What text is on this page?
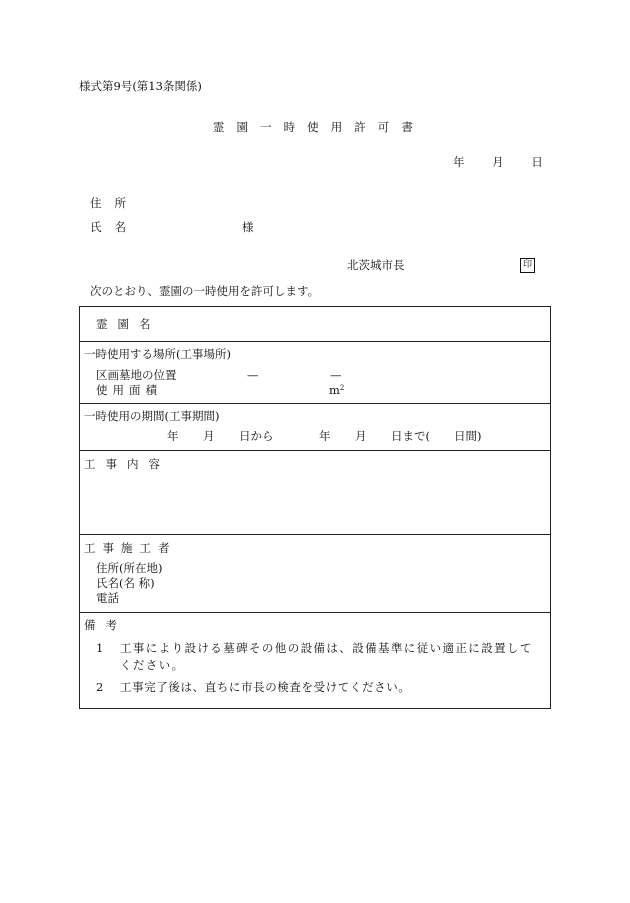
様式第9号(第13条関係)
霊 園 一 時 使 用 許 可 書
年 月 日
住所
氏名	様
北茨城市長	印
次のとおり、霊園の一時使用を許可します。
霊園名
一時使用する場所(工事場所)
区画墓地の位置	—	—
使用面積	$m^2$
一時使用の期間(工事期間)
年 月 日から	年 月 日まで( 日間)
工事内容
工事施工者
住所(所在地)
氏名(名 称)
電話
備考
1 工事により設ける墓碑その他の設備は、設備基準に従い適正に設置してください。
2 工事完了後は、直ちに市長の検査を受けてください。
